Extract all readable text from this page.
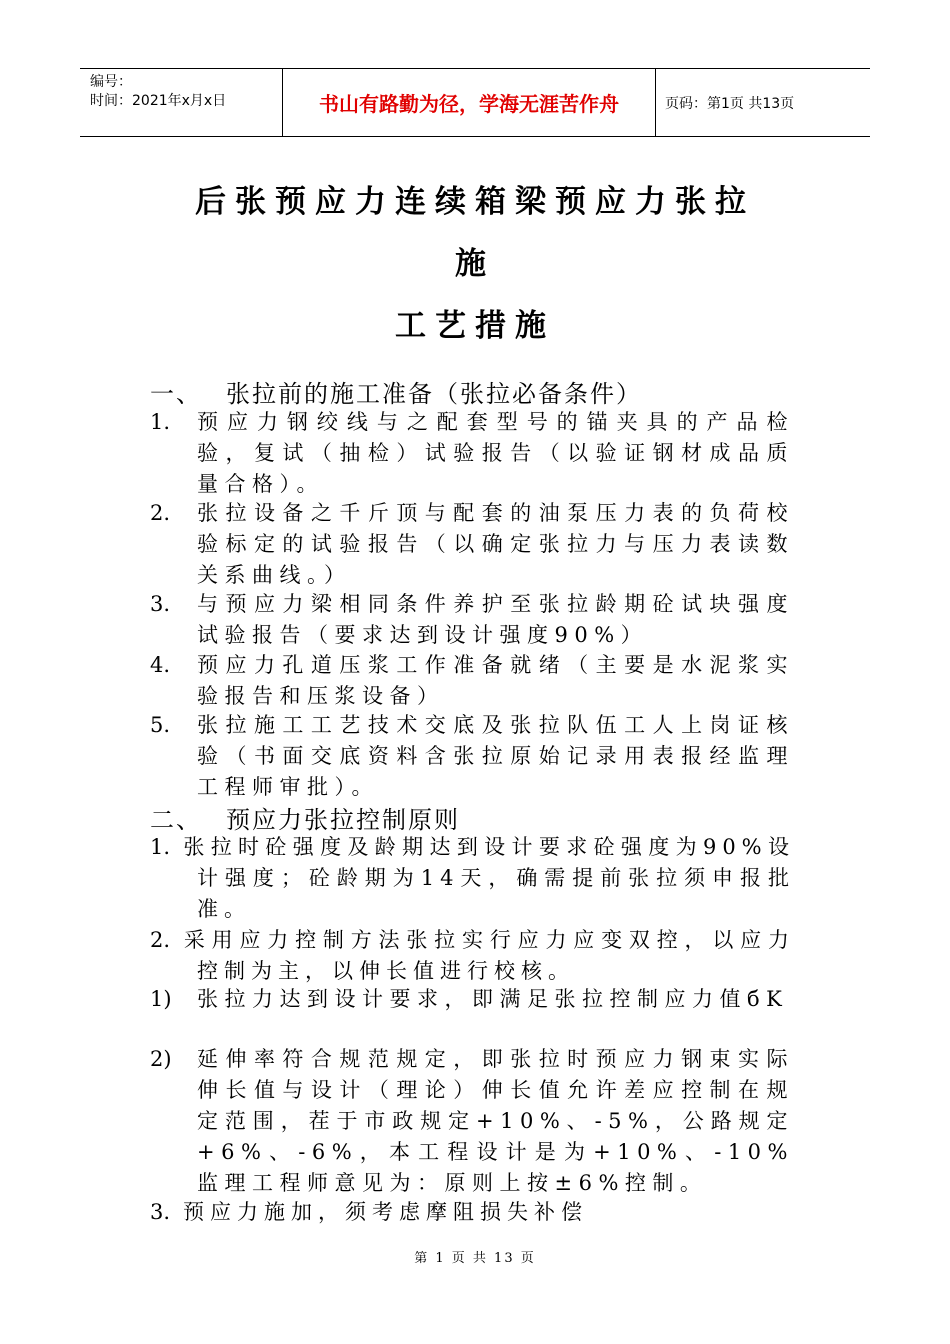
编号：
时间：2021年x月x日	书山有路勤为径，学海无涯苦作舟	页码：第1页 共13页
后张预应力连续箱梁预应力张拉
施
工艺措施
一、 张拉前的施工准备（张拉必备条件）
1. 预应力钢绞线与之配套型号的锚夹具的产品检验，复试（抽检）试验报告（以验证钢材成品质量合格）。
2. 张拉设备之千斤顶与配套的油泵压力表的负荷校验标定的试验报告（以确定张拉力与压力表读数关系曲线。）
3. 与预应力梁相同条件养护至张拉龄期砼试块强度试验报告（要求达到设计强度90%）
4. 预应力孔道压浆工作准备就绪（主要是水泥浆实验报告和压浆设备）
5. 张拉施工工艺技术交底及张拉队伍工人上岗证核验（书面交底资料含张拉原始记录用表报经监理工程师审批）。
二、 预应力张拉控制原则
1. 张拉时砼强度及龄期达到设计要求砼强度为90%设计强度；砼龄期为14天，确需提前张拉须申报批准。
2. 采用应力控制方法张拉实行应力应变双控，以应力控制为主，以伸长值进行校核。
1) 张拉力达到设计要求，即满足张拉控制应力值бK
2) 延伸率符合规范规定，即张拉时预应力钢束实际伸长值与设计（理论）伸长值允许差应控制在规定范围，茬于市政规定+10%、-5%，公路规定+6%、-6%，本工程设计是为+10%、-10%监理工程师意见为：原则上按±6%控制。
3. 预应力施加，须考虑摩阻损失补偿
第 1 页 共 13 页
